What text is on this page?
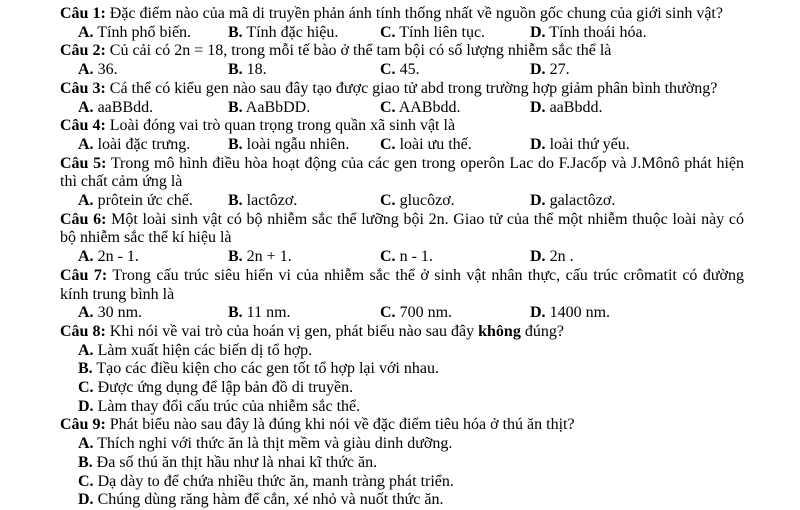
Câu 1: Đặc điểm nào của mã di truyền phản ánh tính thống nhất về nguồn gốc chung của giới sinh vật?
A. Tính phổ biến.	B. Tính đặc hiệu.	C. Tính liên tục.	D. Tính thoái hóa.
Câu 2: Củ cải có 2n = 18, trong mỗi tế bào ở thể tam bội có số lượng nhiễm sắc thể là
A. 36.	B. 18.	C. 45.	D. 27.
Câu 3: Cá thể có kiểu gen nào sau đây tạo được giao tử abd trong trường hợp giảm phân bình thường?
A. aaBBdd.	B. AaBbDD.	C. AABbdd.	D. aaBbdd.
Câu 4: Loài đóng vai trò quan trọng trong quần xã sinh vật là
A. loài đặc trưng.	B. loài ngẫu nhiên.	C. loài ưu thế.	D. loài thứ yếu.
Câu 5: Trong mô hình điều hòa hoạt động của các gen trong operôn Lac do F.Jacốp và J.Mônô phát hiện thì chất cảm ứng là
A. prôtein ức chế.	B. lactôzơ.	C. glucôzơ.	D. galactôzơ.
Câu 6: Một loài sinh vật có bộ nhiễm sắc thể lưỡng bội 2n. Giao tử của thể một nhiễm thuộc loài này có bộ nhiễm sắc thể kí hiệu là
A. 2n - 1.	B. 2n + 1.	C. n - 1.	D. 2n .
Câu 7: Trong cấu trúc siêu hiển vi của nhiễm sắc thể ở sinh vật nhân thực, cấu trúc crômatit có đường kính trung bình là
A. 30 nm.	B. 11 nm.	C. 700 nm.	D. 1400 nm.
Câu 8: Khi nói về vai trò của hoán vị gen, phát biểu nào sau đây không đúng?
A. Làm xuất hiện các biến dị tổ hợp.
B. Tạo các điều kiện cho các gen tốt tổ hợp lại với nhau.
C. Được ứng dụng để lập bản đồ di truyền.
D. Làm thay đổi cấu trúc của nhiễm sắc thể.
Câu 9: Phát biểu nào sau đây là đúng khi nói về đặc điểm tiêu hóa ở thú ăn thịt?
A. Thích nghi với thức ăn là thịt mềm và giàu dinh dưỡng.
B. Đa số thú ăn thịt hầu như là nhai kĩ thức ăn.
C. Dạ dày to để chứa nhiều thức ăn, manh tràng phát triển.
D. Chúng dùng răng hàm để cắn, xé nhỏ và nuốt thức ăn.
